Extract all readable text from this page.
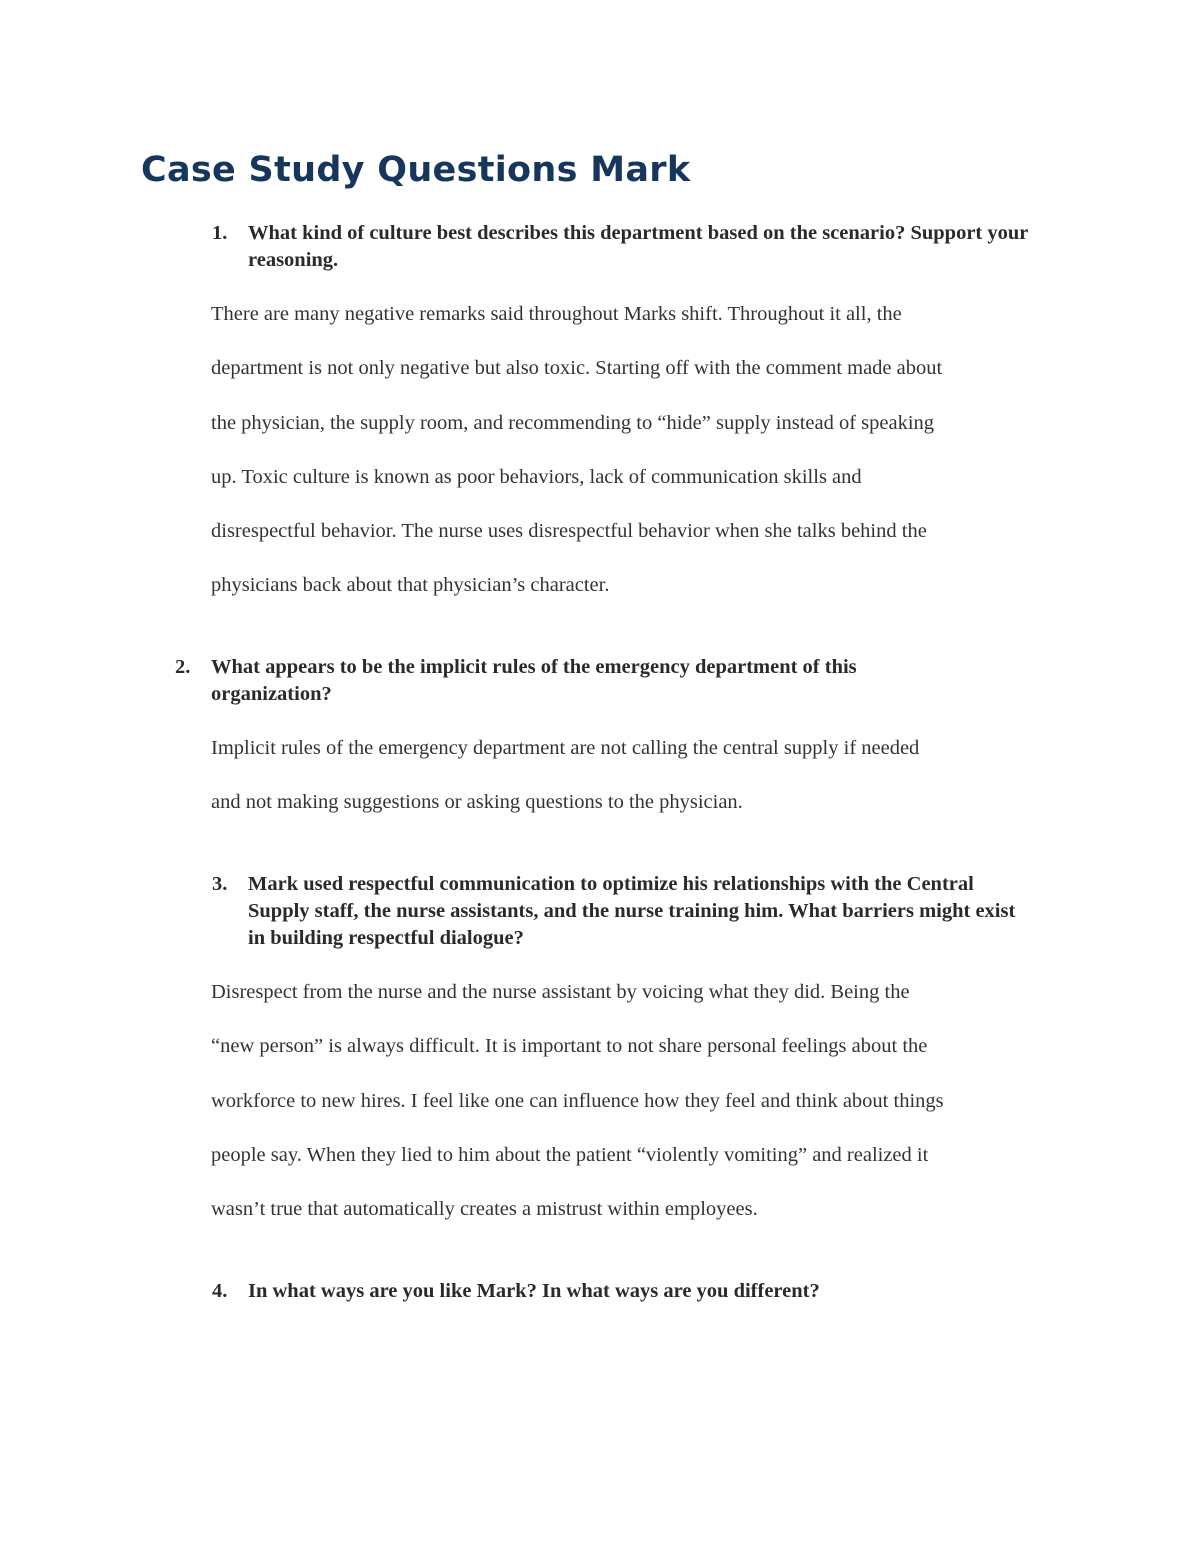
Case Study Questions Mark
1. What kind of culture best describes this department based on the scenario? Support your reasoning.
There are many negative remarks said throughout Marks shift. Throughout it all, the
department is not only negative but also toxic. Starting off with the comment made about
the physician, the supply room, and recommending to “hide” supply instead of speaking
up. Toxic culture is known as poor behaviors, lack of communication skills and
disrespectful behavior. The nurse uses disrespectful behavior when she talks behind the
physicians back about that physician’s character.
2. What appears to be the implicit rules of the emergency department of this organization?
Implicit rules of the emergency department are not calling the central supply if needed
and not making suggestions or asking questions to the physician.
3. Mark used respectful communication to optimize his relationships with the Central Supply staff, the nurse assistants, and the nurse training him. What barriers might exist in building respectful dialogue?
Disrespect from the nurse and the nurse assistant by voicing what they did. Being the
“new person” is always difficult. It is important to not share personal feelings about the
workforce to new hires. I feel like one can influence how they feel and think about things
people say. When they lied to him about the patient “violently vomiting” and realized it
wasn’t true that automatically creates a mistrust within employees.
4. In what ways are you like Mark? In what ways are you different?
